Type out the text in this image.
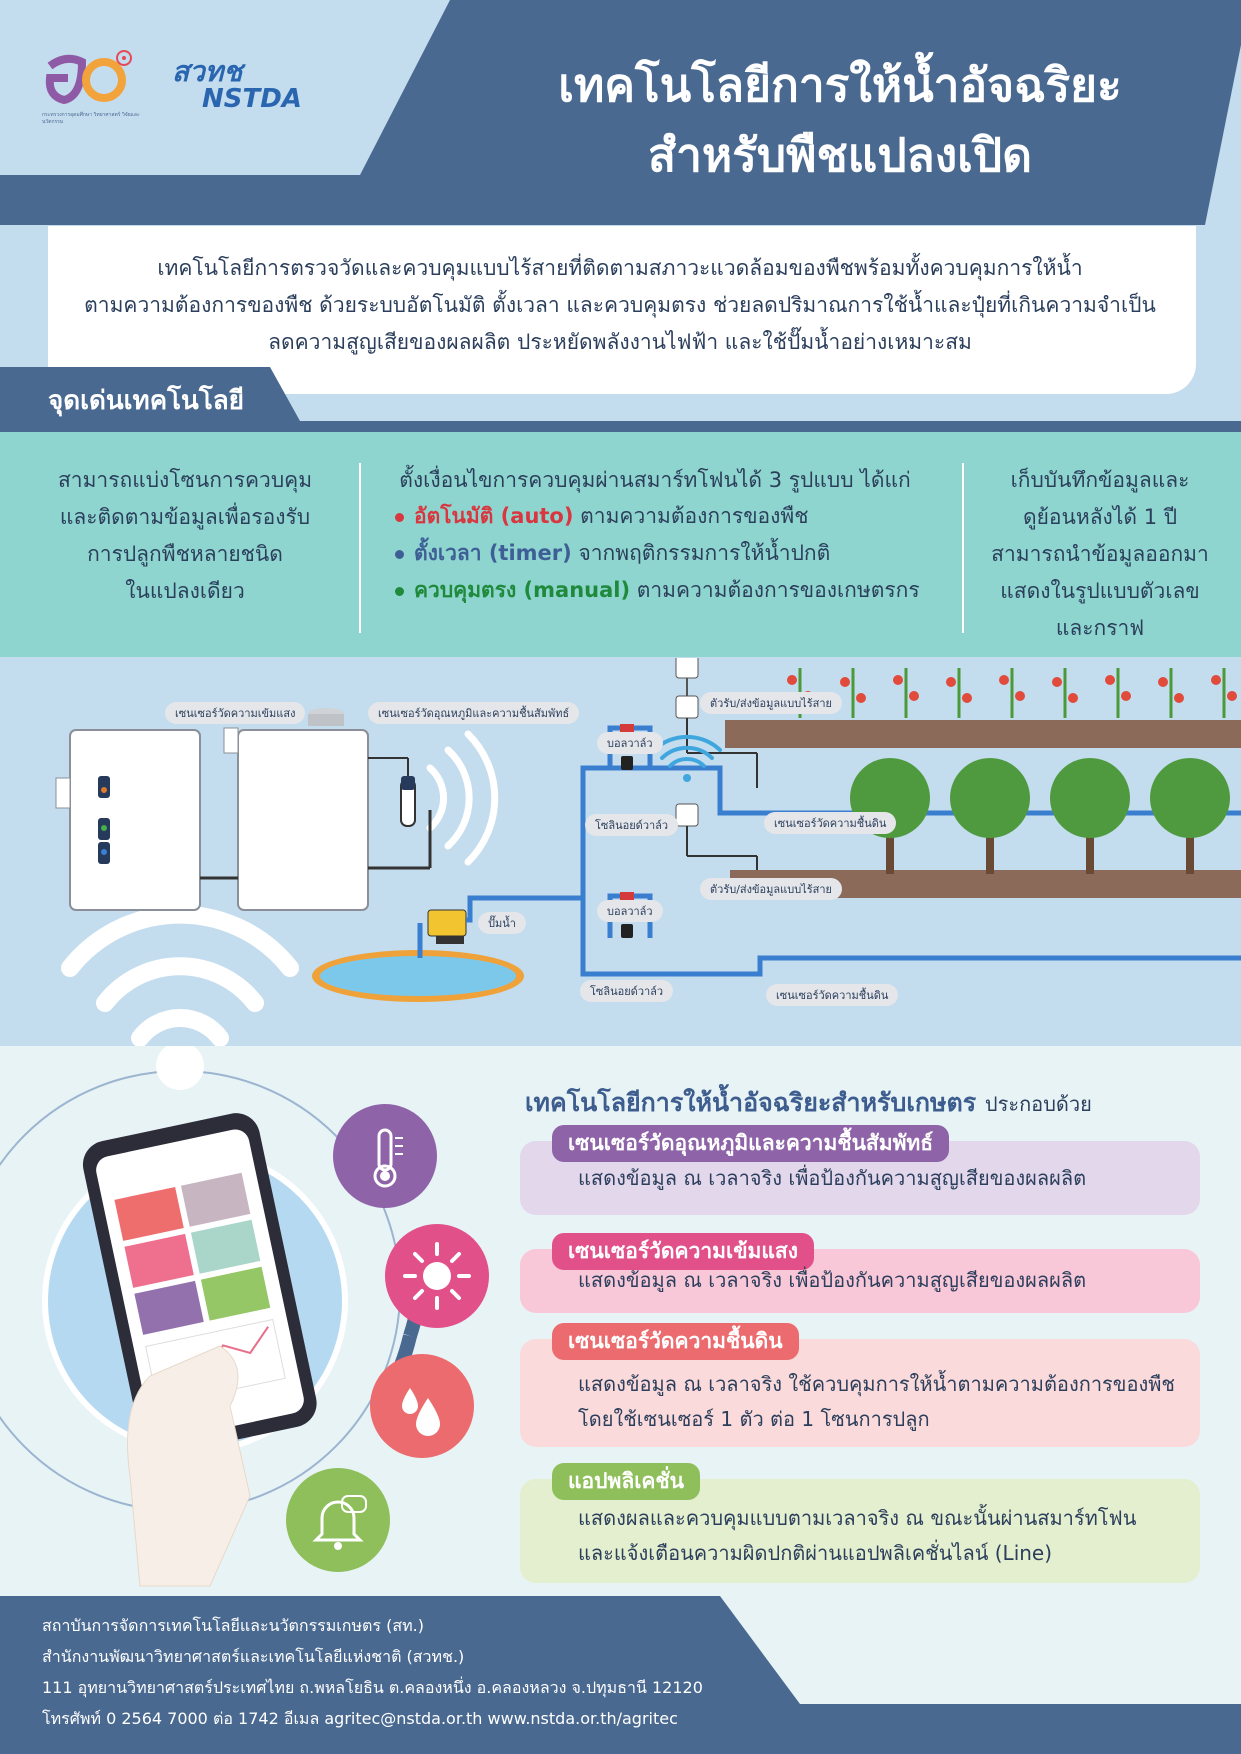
กระทรวงการอุดมศึกษา วิทยาศาสตร์ วิจัยและนวัตกรรม
สวทช
NSTDA	เทคโนโลยีการให้น้ำอัจฉริยะ
สำหรับพืชแปลงเปิด
เทคโนโลยีการตรวจวัดและควบคุมแบบไร้สายที่ติดตามสภาวะแวดล้อมของพืชพร้อมทั้งควบคุมการให้น้ำ
ตามความต้องการของพืช ด้วยระบบอัตโนมัติ ตั้งเวลา และควบคุมตรง ช่วยลดปริมาณการใช้น้ำและปุ๋ยที่เกินความจำเป็น
ลดความสูญเสียของผลผลิต ประหยัดพลังงานไฟฟ้า และใช้ปั๊มน้ำอย่างเหมาะสม
จุดเด่นเทคโนโลยี
สามารถแบ่งโซนการควบคุม
และติดตามข้อมูลเพื่อรองรับ
การปลูกพืชหลายชนิด
ในแปลงเดียว
ตั้งเงื่อนไขการควบคุมผ่านสมาร์ทโฟนได้ 3 รูปแบบ ได้แก่
อัตโนมัติ (auto) ตามความต้องการของพืช
ตั้งเวลา (timer) จากพฤติกรรมการให้น้ำปกติ
ควบคุมตรง (manual) ตามความต้องการของเกษตรกร
เก็บบันทึกข้อมูลและ
ดูย้อนหลังได้ 1 ปี
สามารถนำข้อมูลออกมา
แสดงในรูปแบบตัวเลข
และกราฟ
เซนเซอร์วัดความเข้มแสง	เซนเซอร์วัดอุณหภูมิและความชื้นสัมพัทธ์
ตัวรับ/ส่งข้อมูลแบบไร้สาย
บอลวาล์ว
โซลินอยด์วาล์ว	เซนเซอร์วัดความชื้นดิน
ตัวรับ/ส่งข้อมูลแบบไร้สาย
บอลวาล์ว
ปั๊มน้ำ
โซลินอยด์วาล์ว	เซนเซอร์วัดความชื้นดิน
เทคโนโลยีการให้น้ำอัจฉริยะสำหรับเกษตร ประกอบด้วย
เซนเซอร์วัดอุณหภูมิและความชื้นสัมพัทธ์
แสดงข้อมูล ณ เวลาจริง เพื่อป้องกันความสูญเสียของผลผลิต
เซนเซอร์วัดความเข้มแสง
แสดงข้อมูล ณ เวลาจริง เพื่อป้องกันความสูญเสียของผลผลิต
เซนเซอร์วัดความชื้นดิน
แสดงข้อมูล ณ เวลาจริง ใช้ควบคุมการให้น้ำตามความต้องการของพืช
โดยใช้เซนเซอร์ 1 ตัว ต่อ 1 โซนการปลูก
แอปพลิเคชั่น
แสดงผลและควบคุมแบบตามเวลาจริง ณ ขณะนั้นผ่านสมาร์ทโฟน
และแจ้งเตือนความผิดปกติผ่านแอปพลิเคชั่นไลน์ (Line)
สถาบันการจัดการเทคโนโลยีและนวัตกรรมเกษตร (สท.)
สำนักงานพัฒนาวิทยาศาสตร์และเทคโนโลยีแห่งชาติ (สวทช.)
111 อุทยานวิทยาศาสตร์ประเทศไทย ถ.พหลโยธิน ต.คลองหนึ่ง อ.คลองหลวง จ.ปทุมธานี 12120
โทรศัพท์ 0 2564 7000 ต่อ 1742 อีเมล agritec@nstda.or.th www.nstda.or.th/agritec
